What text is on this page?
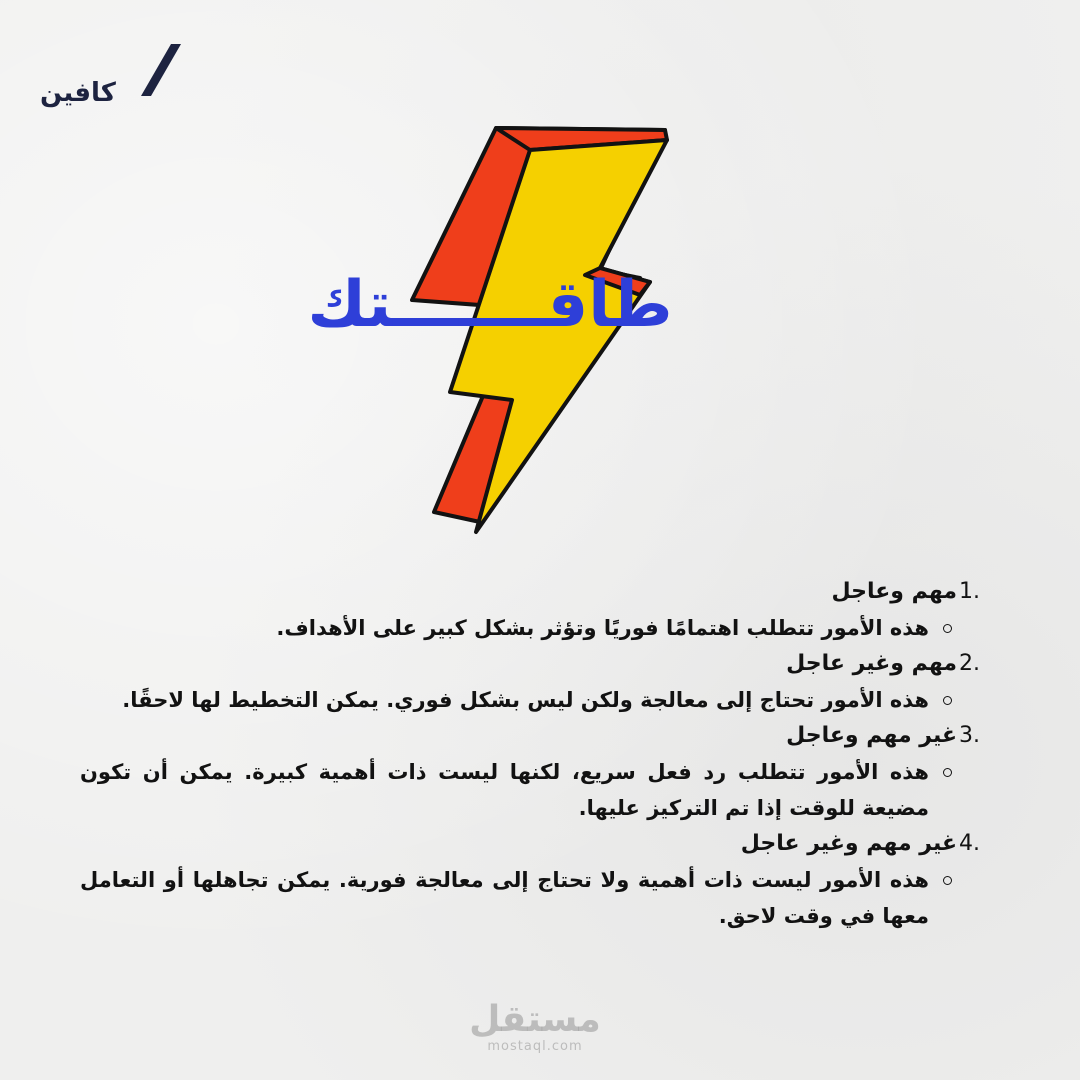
كافين
طاقـــــــتك
1.
مهم وعاجل
هذه الأمور تتطلب اهتمامًا فوريًا وتؤثر بشكل كبير على الأهداف.
2.
مهم وغير عاجل
هذه الأمور تحتاج إلى معالجة ولكن ليس بشكل فوري. يمكن التخطيط لها لاحقًا.
3.
غير مهم وعاجل
هذه الأمور تتطلب رد فعل سريع، لكنها ليست ذات أهمية كبيرة. يمكن أن تكون مضيعة للوقت إذا تم التركيز عليها.
4.
غير مهم وغير عاجل
هذه الأمور ليست ذات أهمية ولا تحتاج إلى معالجة فورية. يمكن تجاهلها أو التعامل معها في وقت لاحق.
مستقل
mostaql.com
